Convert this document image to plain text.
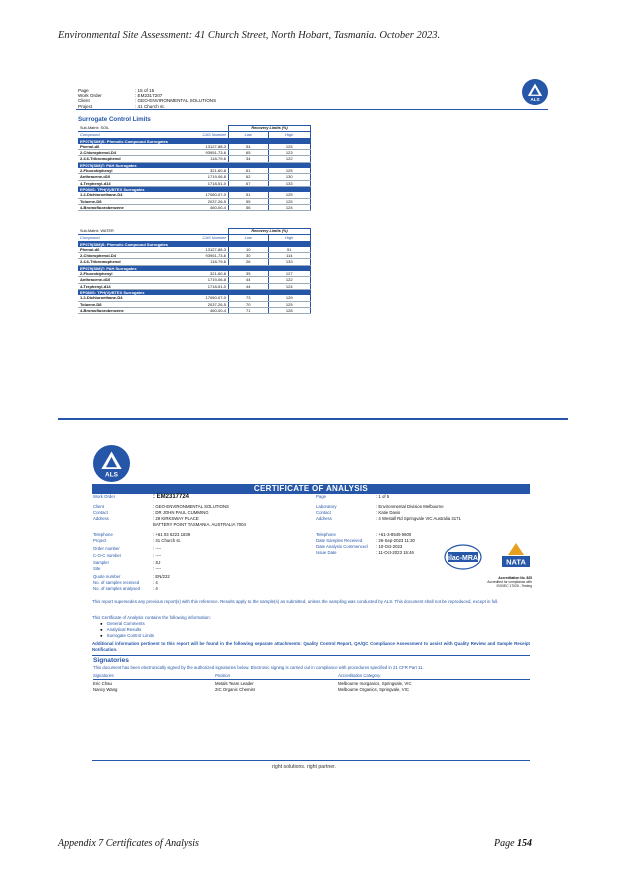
Environmental Site Assessment: 41 Church Street, North Hobart, Tasmania. October 2023.
Page	: 15 of 15
Work Order	: EM2317207
Client	: GEO-ENVIRONMENTAL SOLUTIONS
Project	: 41 Church st.
ALS
Surrogate Control Limits
Sub-Matrix: SOIL		Recovery Limits (%)	
Compound	CAS Number	Low	High
EP075(SIM)S: Phenolic Compound Surrogates			
Phenol-d6	13127-88-3	54	125
2-Chlorophenol-D4	93951-73-6	65	123
2.4.6-Tribromophenol	118-79-6	34	122
EP075(SIM)T: PAH Surrogates			
2-Fluorobiphenyl	321-60-8	61	125
Anthracene-d10	1719-06-8	62	130
4-Terphenyl-d14	1718-51-0	67	133
EP080S: TPH(V)/BTEX Surrogates			
1.2-Dichloroethane-D4	17060-07-0	51	125
Toluene-D8	2037-26-5	55	125
4-Bromofluorobenzene	460-00-4	56	124
Sub-Matrix: WATER		Recovery Limits (%)	
Compound	CAS Number	Low	High
EP075(SIM)S: Phenolic Compound Surrogates			
Phenol-d6	13127-88-3	10	51
2-Chlorophenol-D4	93951-73-6	30	114
2.4.6-Tribromophenol	118-79-6	26	133
EP075(SIM)T: PAH Surrogates			
2-Fluorobiphenyl	321-60-8	35	127
Anthracene-d10	1719-06-8	44	122
4-Terphenyl-d14	1718-51-0	44	124
EP080S: TPH(V)/BTEX Surrogates			
1.2-Dichloroethane-D4	17060-07-0	73	129
Toluene-D8	2037-26-5	70	125
4-Bromofluorobenzene	460-00-4	71	128
ALS
CERTIFICATE OF ANALYSIS
Work Order	: EM2317724
Client	: GEO-ENVIRONMENTAL SOLUTIONS
Contact	: DR JOHN PAUL CUMMING
Address	: 29 KIRKSWAY PLACE
BATTERY POINT TASMANIA, AUSTRALIA 7004
Telephone	: +61 03 6223 1839
Project	: 41 Church st.
Order number	: ----
C-O-C number	: ----
Sampler	: SJ
Site	: ----
Quote number	: EN/222
No. of samples received	: 4
No. of samples analysed	: 4
Page	: 1 of 5
Laboratory	: Environmental Division Melbourne
Contact	: Katie Davis
Address	: 4 Westall Rd Springvale VIC Australia 3171
Telephone	: +61-3-8549 9600
Date Samples Received	: 26-Sep-2023 11:30
Date Analysis Commenced : 10-Oct-2023
Issue Date	: 11-Oct-2023 15:46
ilac-MRA	NATA
Accreditation No. 825
Accredited for compliance with
ISO/IEC 17025 - Testing
This report supersedes any previous report(s) with this reference. Results apply to the sample(s) as submitted, unless the sampling was conducted by ALS. This document shall not be reproduced, except in full.
This Certificate of Analysis contains the following information:
● General Comments
● Analytical Results
● Surrogate Control Limits
Additional information pertinent to this report will be found in the following separate attachments: Quality Control Report, QA/QC Compliance Assessment to assist with Quality Review and Sample Receipt Notification.
Signatories
This document has been electronically signed by the authorized signatories below. Electronic signing is carried out in compliance with procedures specified in 21 CFR Part 11.
Signatories	Position	Accreditation Category
Eric Chau	Metals Team Leader	Melbourne Inorganics, Springvale, VIC
Nancy Wang	2IC Organic Chemist	Melbourne Organics, Springvale, VIC
right solutions. right partner.
Appendix 7 Certificates of Analysis	Page 154
